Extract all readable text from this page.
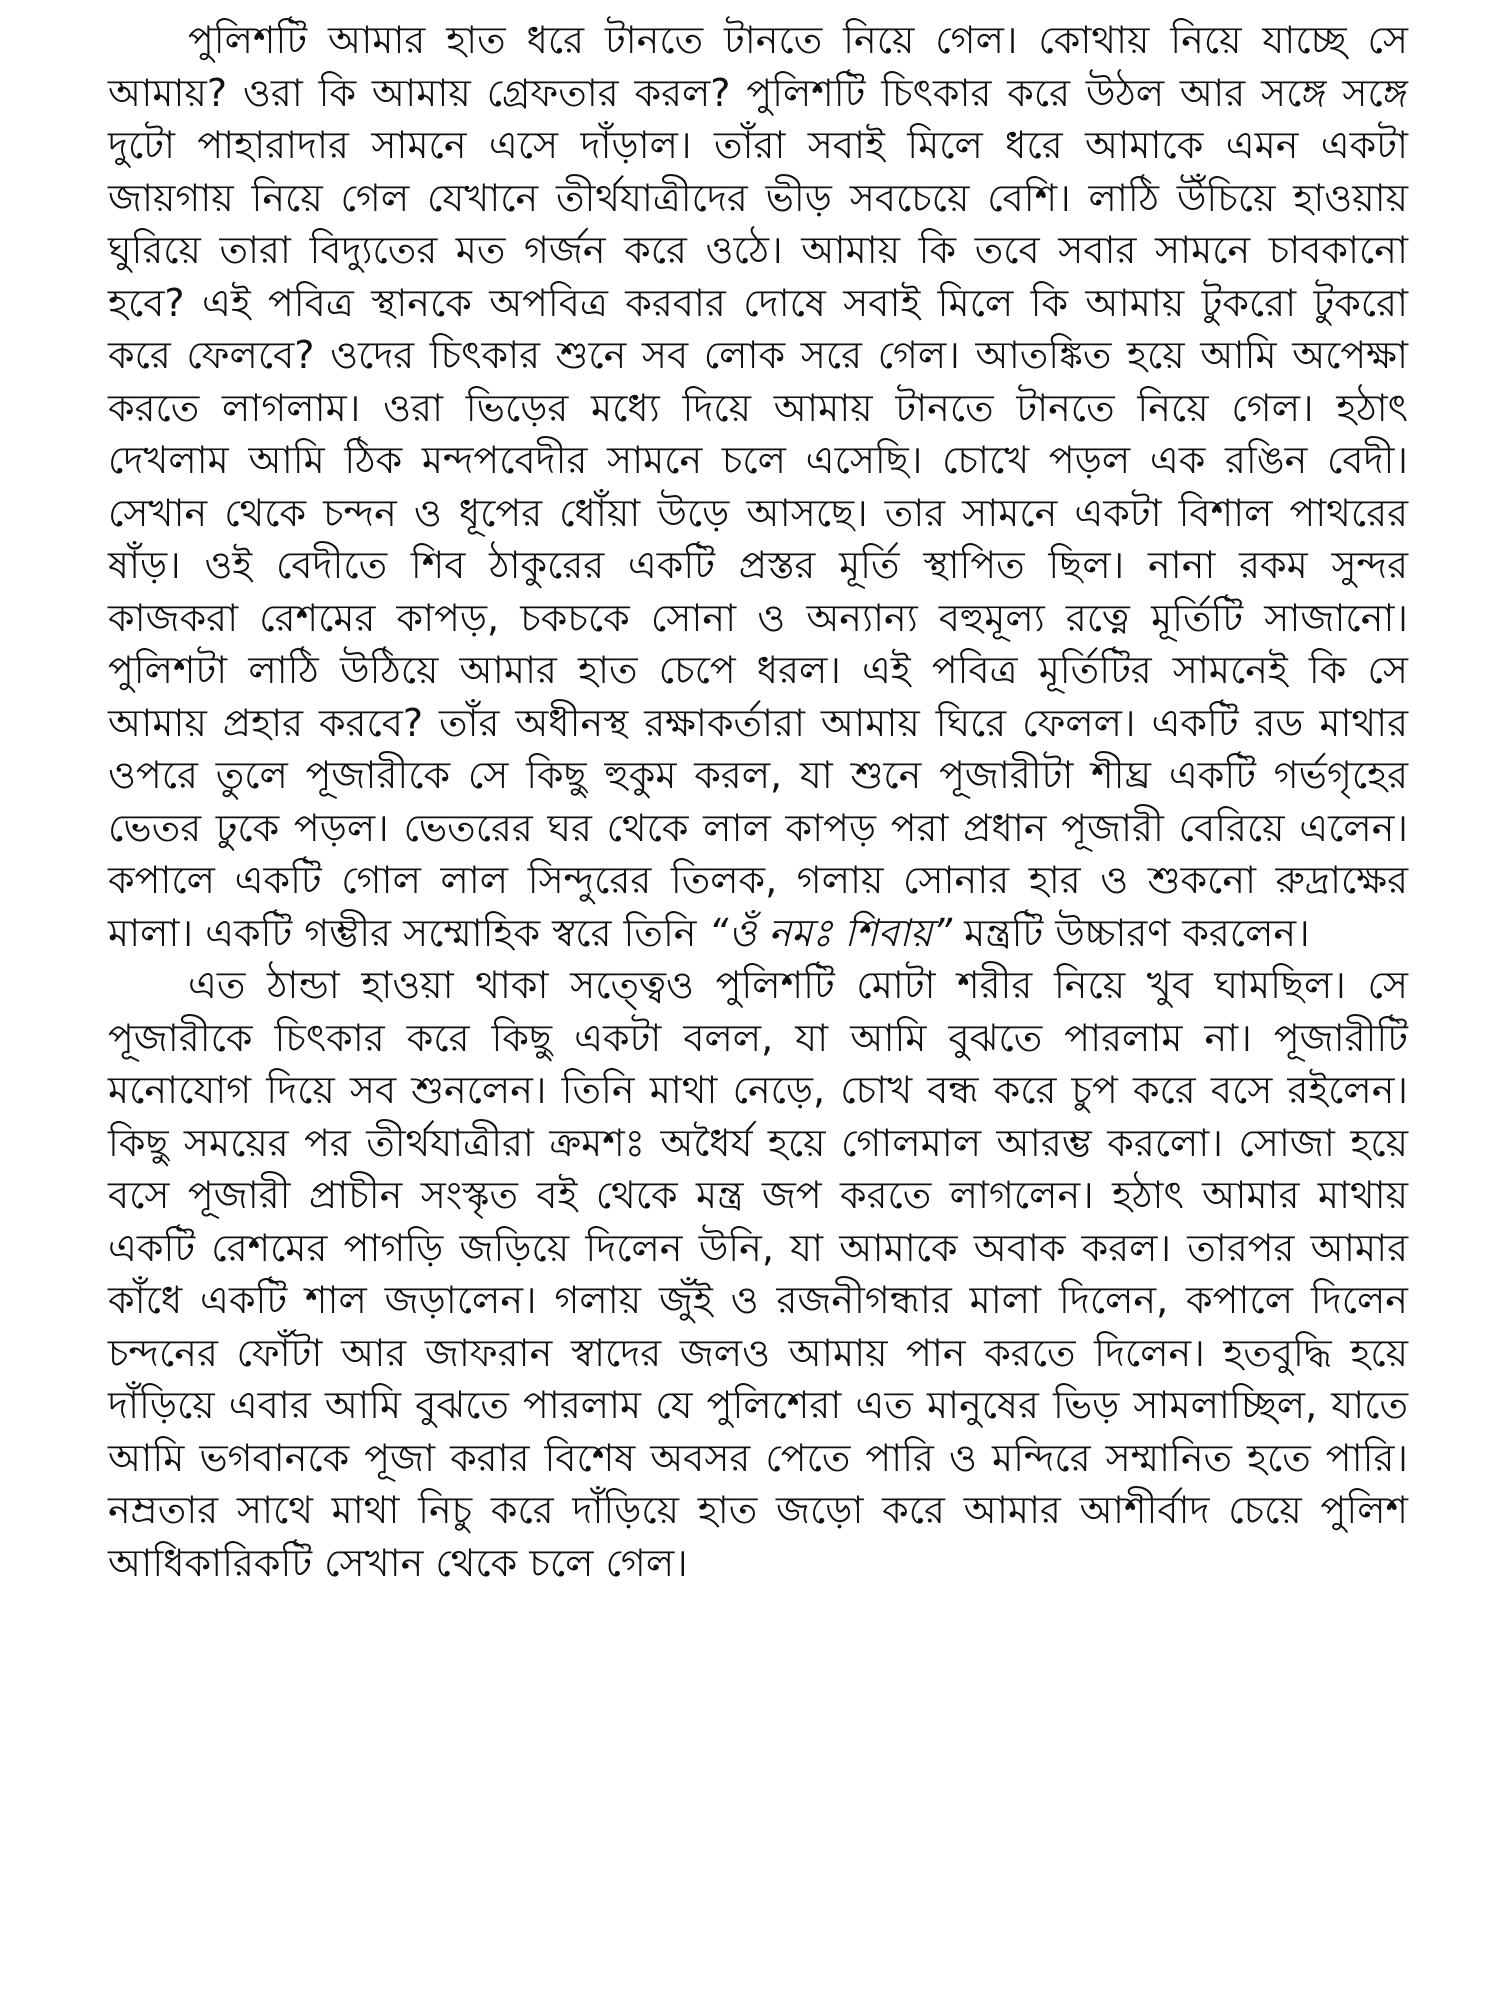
পুলিশটি আমার হাত ধরে টানতে টানতে নিয়ে গেল। কোথায় নিয়ে যাচ্ছে সে আমায়? ওরা কি আমায় গ্রেফতার করল? পুলিশটি চিৎকার করে উঠল আর সঙ্গে সঙ্গে দুটো পাহারাদার সামনে এসে দাঁড়াল। তাঁরা সবাই মিলে ধরে আমাকে এমন একটা জায়গায় নিয়ে গেল যেখানে তীর্থযাত্রীদের ভীড় সবচেয়ে বেশি। লাঠি উঁচিয়ে হাওয়ায় ঘুরিয়ে তারা বিদ্যুতের মত গর্জন করে ওঠে। আমায় কি তবে সবার সামনে চাবকানো হবে? এই পবিত্র স্থানকে অপবিত্র করবার দোষে সবাই মিলে কি আমায় টুকরো টুকরো করে ফেলবে? ওদের চিৎকার শুনে সব লোক সরে গেল। আতঙ্কিত হয়ে আমি অপেক্ষা করতে লাগলাম। ওরা ভিড়ের মধ্যে দিয়ে আমায় টানতে টানতে নিয়ে গেল। হঠাৎ দেখলাম আমি ঠিক মন্দপবেদীর সামনে চলে এসেছি। চোখে পড়ল এক রঙিন বেদী। সেখান থেকে চন্দন ও ধূপের ধোঁয়া উড়ে আসছে। তার সামনে একটা বিশাল পাথরের ষাঁড়। ওই বেদীতে শিব ঠাকুরের একটি প্রস্তর মূর্তি স্থাপিত ছিল। নানা রকম সুন্দর কাজকরা রেশমের কাপড়, চকচকে সোনা ও অন্যান্য বহুমূল্য রত্নে মূর্তিটি সাজানো। পুলিশটা লাঠি উঠিয়ে আমার হাত চেপে ধরল। এই পবিত্র মূর্তিটির সামনেই কি সে আমায় প্রহার করবে? তাঁর অধীনস্থ রক্ষাকর্তারা আমায় ঘিরে ফেলল। একটি রড মাথার ওপরে তুলে পূজারীকে সে কিছু হুকুম করল, যা শুনে পূজারীটা শীঘ্র একটি গর্ভগৃহের ভেতর ঢুকে পড়ল। ভেতরের ঘর থেকে লাল কাপড় পরা প্রধান পূজারী বেরিয়ে এলেন। কপালে একটি গোল লাল সিন্দুরের তিলক, গলায় সোনার হার ও শুকনো রুদ্রাক্ষের মালা। একটি গম্ভীর সম্মোহিক স্বরে তিনি “ওঁ নমঃ শিবায়” মন্ত্রটি উচ্চারণ করলেন।

এত ঠান্ডা হাওয়া থাকা সত্ত্বেও পুলিশটি মোটা শরীর নিয়ে খুব ঘামছিল। সে পূজারীকে চিৎকার করে কিছু একটা বলল, যা আমি বুঝতে পারলাম না। পূজারীটি মনোযোগ দিয়ে সব শুনলেন। তিনি মাথা নেড়ে, চোখ বন্ধ করে চুপ করে বসে রইলেন। কিছু সময়ের পর তীর্থযাত্রীরা ক্রমশঃ অধৈর্য হয়ে গোলমাল আরম্ভ করলো। সোজা হয়ে বসে পূজারী প্রাচীন সংস্কৃত বই থেকে মন্ত্র জপ করতে লাগলেন। হঠাৎ আমার মাথায় একটি রেশমের পাগড়ি জড়িয়ে দিলেন উনি, যা আমাকে অবাক করল। তারপর আমার কাঁধে একটি শাল জড়ালেন। গলায় জুঁই ও রজনীগন্ধার মালা দিলেন, কপালে দিলেন চন্দনের ফোঁটা আর জাফরান স্বাদের জলও আমায় পান করতে দিলেন। হতবুদ্ধি হয়ে দাঁড়িয়ে এবার আমি বুঝতে পারলাম যে পুলিশেরা এত মানুষের ভিড় সামলাচ্ছিল, যাতে আমি ভগবানকে পূজা করার বিশেষ অবসর পেতে পারি ও মন্দিরে সম্মানিত হতে পারি। নম্রতার সাথে মাথা নিচু করে দাঁড়িয়ে হাত জড়ো করে আমার আশীর্বাদ চেয়ে পুলিশ আধিকারিকটি সেখান থেকে চলে গেল।
